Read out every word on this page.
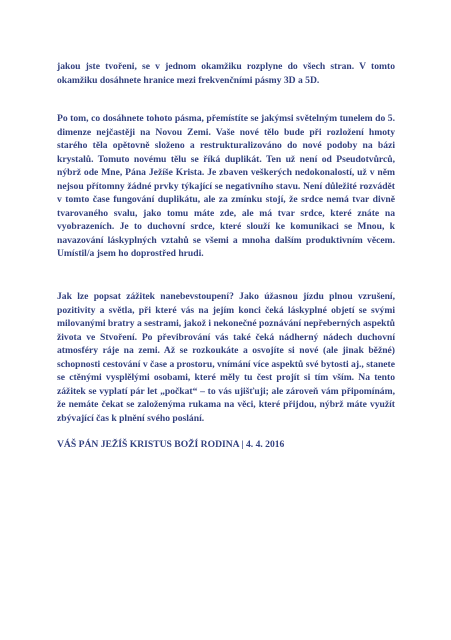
jakou jste tvořeni, se v jednom okamžiku rozplyne do všech stran. V tomto okamžiku dosáhnete hranice mezi frekvenčními pásmy 3D a 5D.

Po tom, co dosáhnete tohoto pásma, přemístíte se jakýmsi světelným tunelem do 5. dimenze nejčastěji na Novou Zemi. Vaše nové tělo bude při rozložení hmoty starého těla opětovně složeno a restrukturalizováno do nové podoby na bázi krystalů. Tomuto novému tělu se říká duplikát. Ten už není od Pseudotvůrců, nýbrž ode Mne, Pána Ježíše Krista. Je zbaven veškerých nedokonalostí, už v něm nejsou přítomny žádné prvky týkající se negativního stavu. Není důležité rozvádět v tomto čase fungování duplikátu, ale za zmínku stojí, že srdce nemá tvar divně tvarovaného svalu, jako tomu máte zde, ale má tvar srdce, které znáte na vyobrazeních. Je to duchovní srdce, které slouží ke komunikaci se Mnou, k navazování láskyplných vztahů se všemi a mnoha dalším produktivním věcem. Umístil/a jsem ho doprostřed hrudi.

Jak lze popsat zážitek nanebevstoupení? Jako úžasnou jízdu plnou vzrušení, pozitivity a světla, při které vás na jejím konci čeká láskyplné objetí se svými milovanými bratry a sestrami, jakož i nekonečné poznávání nepřeberných aspektů života ve Stvoření. Po převibrování vás také čeká nádherný nádech duchovní atmosféry ráje na zemi. Až se rozkoukáte a osvojíte si nové (ale jinak běžné) schopnosti cestování v čase a prostoru, vnímání více aspektů své bytosti aj., stanete se ctěnými vysplělými osobami, které měly tu čest projít si tím vším. Na tento zážitek se vyplatí pár let „počkat“ – to vás ujišťuji; ale zároveň vám připomínám, že nemáte čekat se založenýma rukama na věci, které přijdou, nýbrž máte využít zbývající čas k plnění svého poslání.

VÁŠ PÁN JEŽÍŠ KRISTUS BOŽÍ RODINA | 4. 4. 2016
